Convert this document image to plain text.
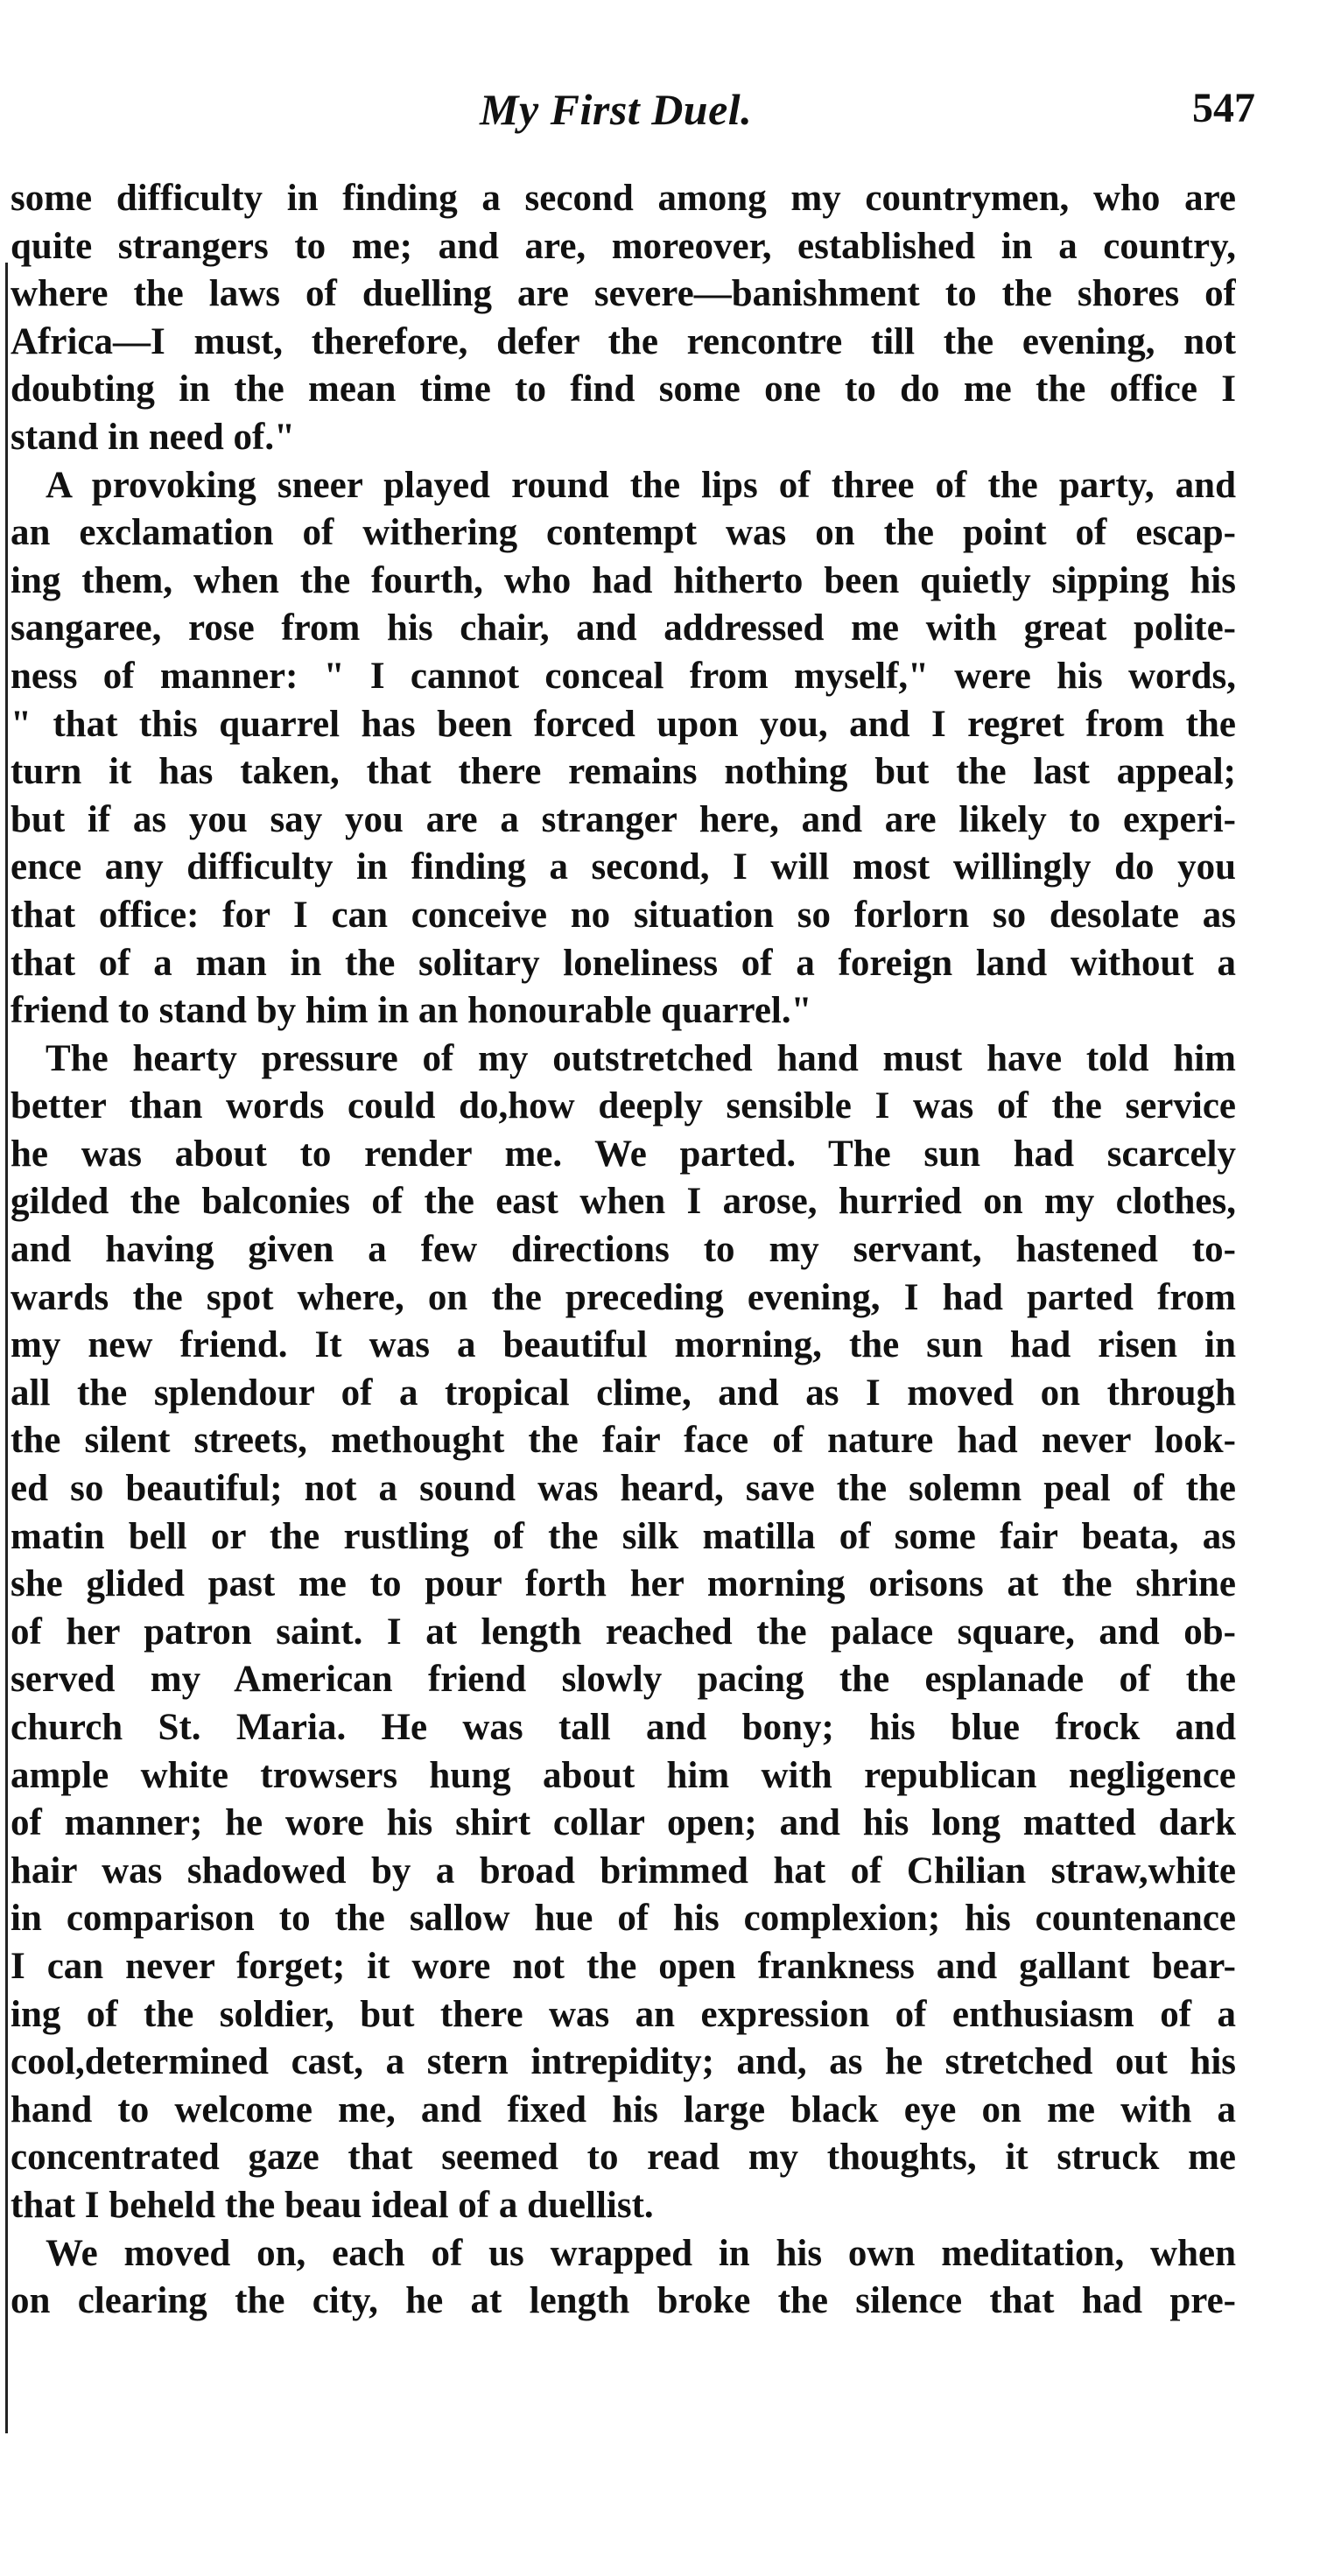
My First Duel.	547
some difficulty in finding a second among my countrymen, who are
quite strangers to me; and are, moreover, established in a country,
where the laws of duelling are severe—banishment to the shores of
Africa—I must, therefore, defer the rencontre till the evening, not
doubting in the mean time to find some one to do me the office I
stand in need of."
A provoking sneer played round the lips of three of the party, and
an exclamation of withering contempt was on the point of escap-
ing them, when the fourth, who had hitherto been quietly sipping his
sangaree, rose from his chair, and addressed me with great polite-
ness of manner: " I cannot conceal from myself," were his words,
" that this quarrel has been forced upon you, and I regret from the
turn it has taken, that there remains nothing but the last appeal;
but if as you say you are a stranger here, and are likely to experi-
ence any difficulty in finding a second, I will most willingly do you
that office: for I can conceive no situation so forlorn so desolate as
that of a man in the solitary loneliness of a foreign land without a
friend to stand by him in an honourable quarrel."
The hearty pressure of my outstretched hand must have told him
better than words could do,how deeply sensible I was of the service
he was about to render me. We parted. The sun had scarcely
gilded the balconies of the east when I arose, hurried on my clothes,
and having given a few directions to my servant, hastened to-
wards the spot where, on the preceding evening, I had parted from
my new friend. It was a beautiful morning, the sun had risen in
all the splendour of a tropical clime, and as I moved on through
the silent streets, methought the fair face of nature had never look-
ed so beautiful; not a sound was heard, save the solemn peal of the
matin bell or the rustling of the silk matilla of some fair beata, as
she glided past me to pour forth her morning orisons at the shrine
of her patron saint. I at length reached the palace square, and ob-
served my American friend slowly pacing the esplanade of the
church St. Maria. He was tall and bony; his blue frock and
ample white trowsers hung about him with republican negligence
of manner; he wore his shirt collar open; and his long matted dark
hair was shadowed by a broad brimmed hat of Chilian straw,white
in comparison to the sallow hue of his complexion; his countenance
I can never forget; it wore not the open frankness and gallant bear-
ing of the soldier, but there was an expression of enthusiasm of a
cool,determined cast, a stern intrepidity; and, as he stretched out his
hand to welcome me, and fixed his large black eye on me with a
concentrated gaze that seemed to read my thoughts, it struck me
that I beheld the beau ideal of a duellist.
We moved on, each of us wrapped in his own meditation, when
on clearing the city, he at length broke the silence that had pre-
